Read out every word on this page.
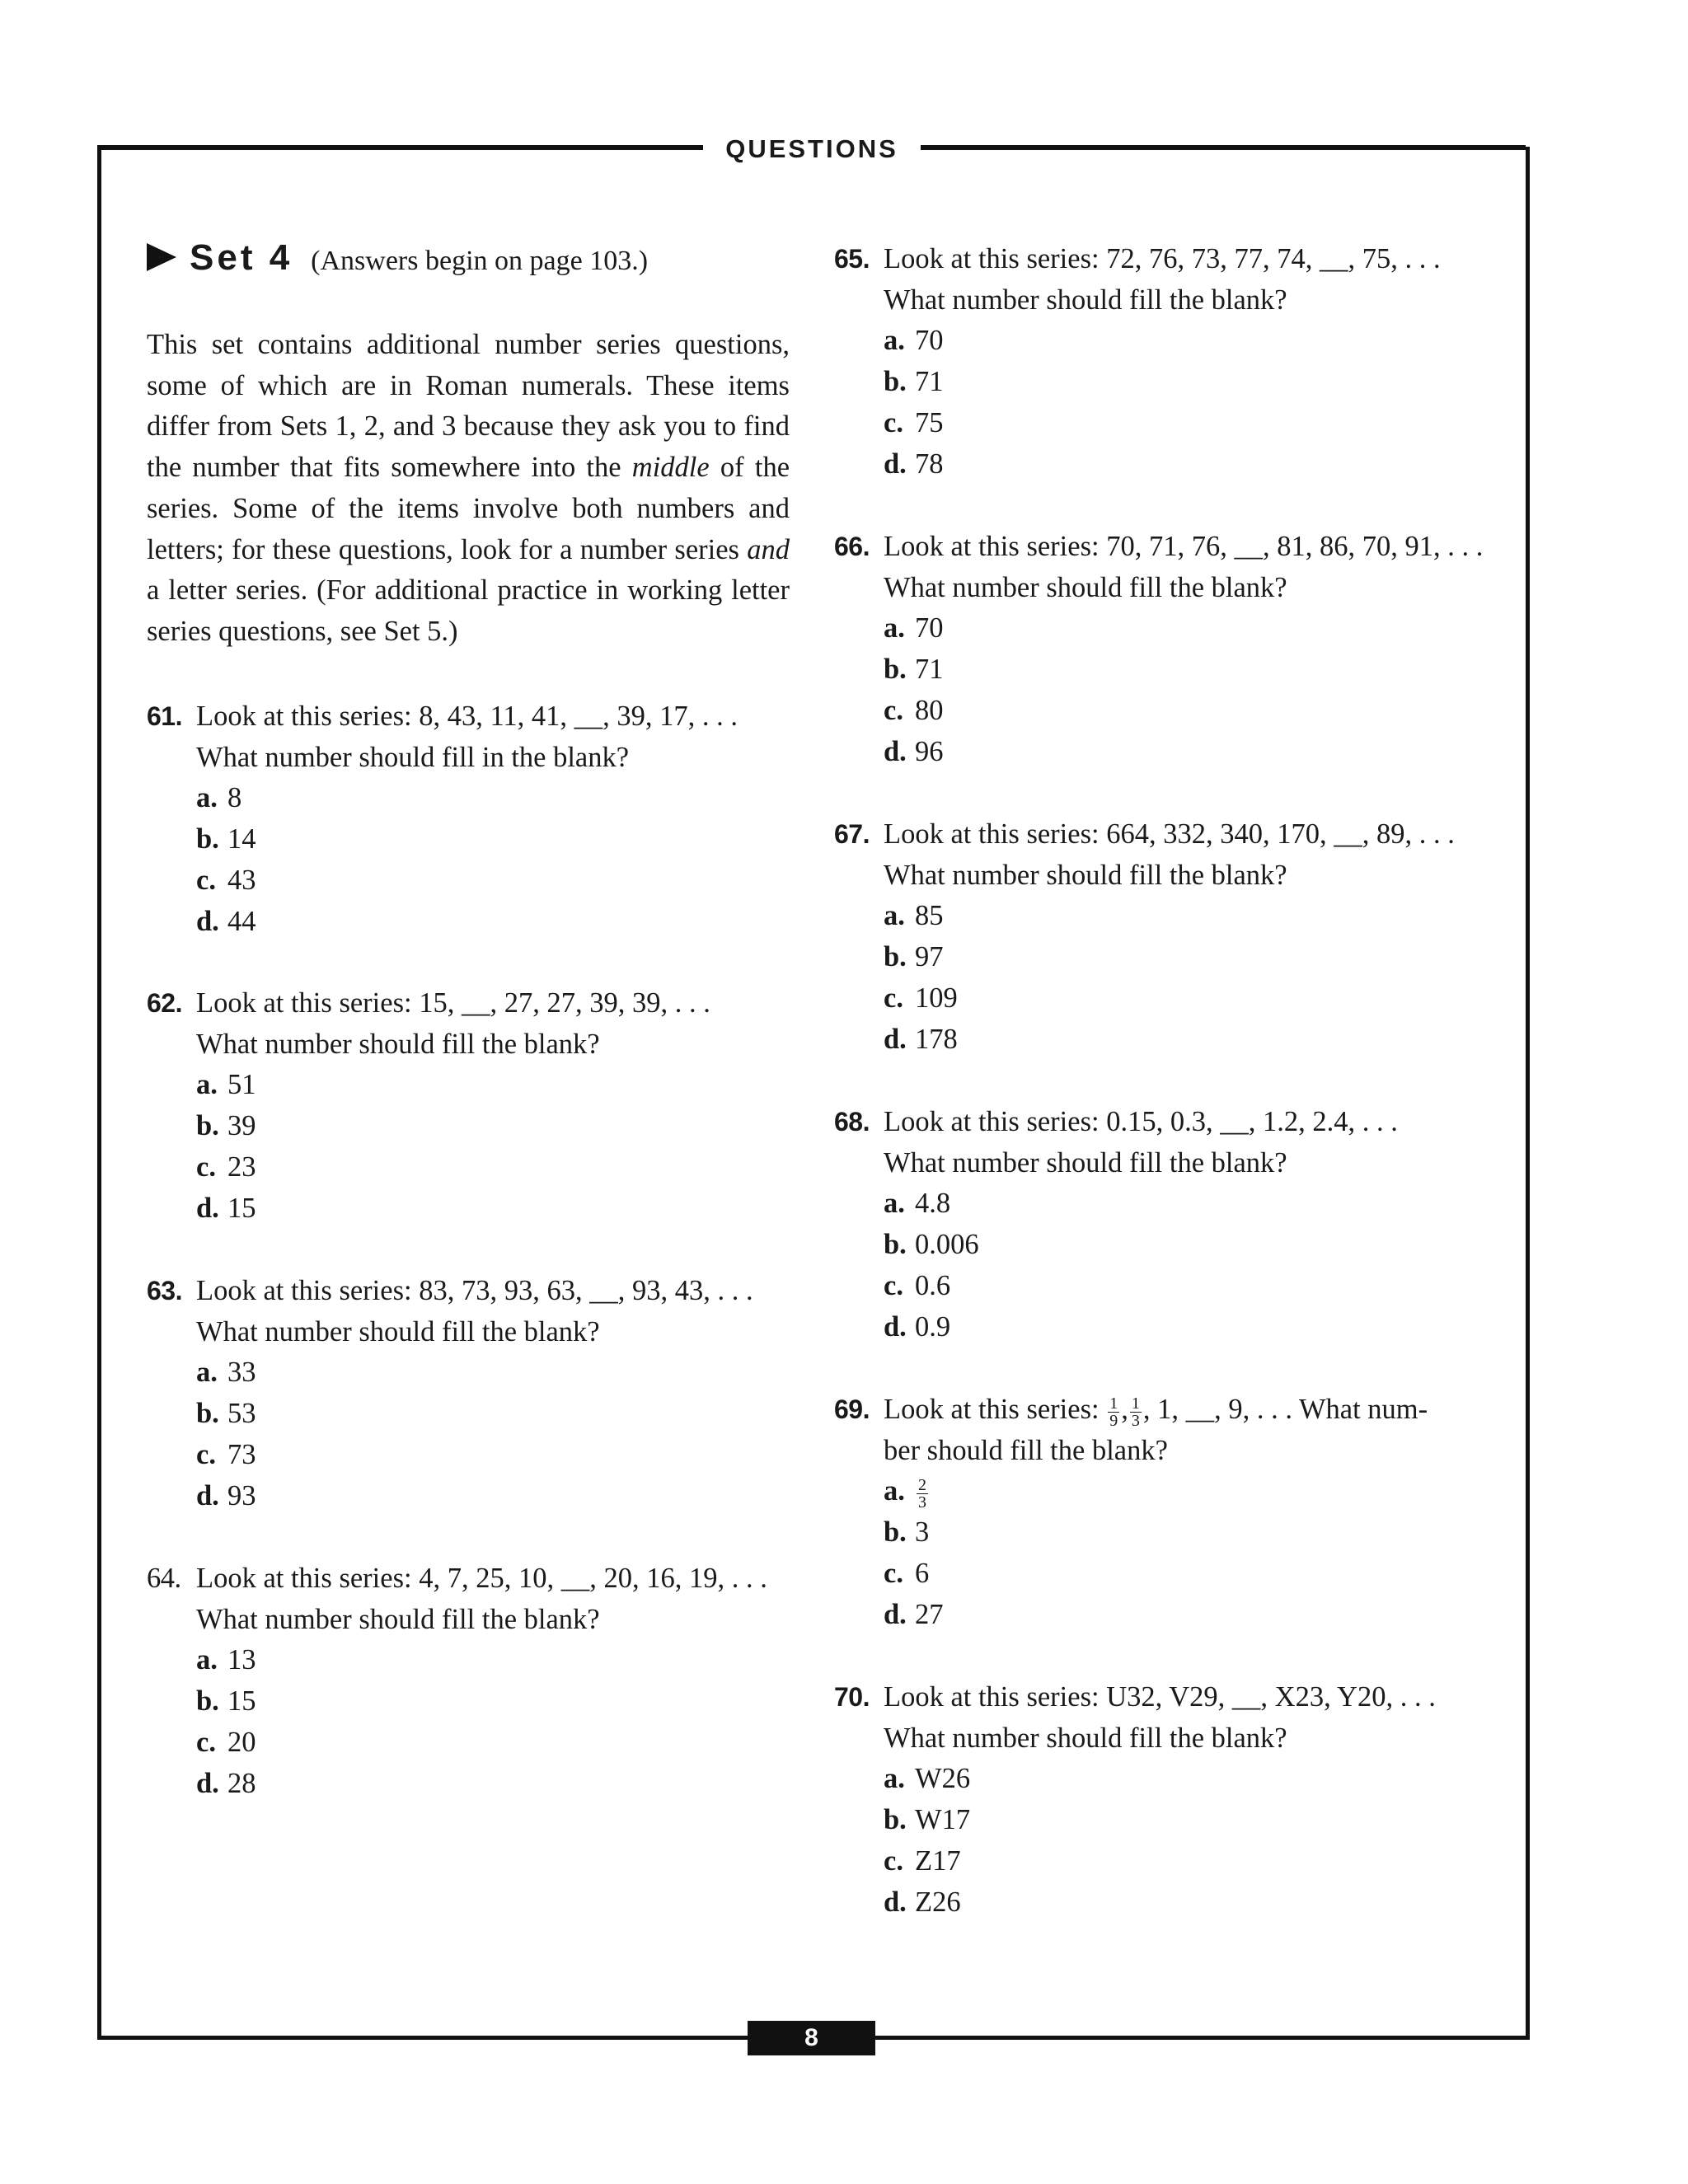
QUESTIONS
Set 4 (Answers begin on page 103.)
This set contains additional number series questions, some of which are in Roman numerals. These items differ from Sets 1, 2, and 3 because they ask you to find the number that fits somewhere into the middle of the series. Some of the items involve both numbers and letters; for these questions, look for a number series and a letter series. (For additional practice in working letter series questions, see Set 5.)
61. Look at this series: 8, 43, 11, 41, __, 39, 17, . . .
What number should fill in the blank?
a. 8
b. 14
c. 43
d. 44
62. Look at this series: 15, __, 27, 27, 39, 39, . . .
What number should fill the blank?
a. 51
b. 39
c. 23
d. 15
63. Look at this series: 83, 73, 93, 63, __, 93, 43, . . .
What number should fill the blank?
a. 33
b. 53
c. 73
d. 93
64. Look at this series: 4, 7, 25, 10, __, 20, 16, 19, . . .
What number should fill the blank?
a. 13
b. 15
c. 20
d. 28
65. Look at this series: 72, 76, 73, 77, 74, __, 75, . . .
What number should fill the blank?
a. 70
b. 71
c. 75
d. 78
66. Look at this series: 70, 71, 76, __, 81, 86, 70, 91, . . .
What number should fill the blank?
a. 70
b. 71
c. 80
d. 96
67. Look at this series: 664, 332, 340, 170, __, 89, . . .
What number should fill the blank?
a. 85
b. 97
c. 109
d. 178
68. Look at this series: 0.15, 0.3, __, 1.2, 2.4, . . .
What number should fill the blank?
a. 4.8
b. 0.006
c. 0.6
d. 0.9
69. Look at this series: $\frac{1}{9}$ , $\frac{1}{3}$ , 1, __, 9, . . . What num-
ber should fill the blank?
a. $\frac{2}{3}$
b. 3
c. 6
d. 27
70. Look at this series: U32, V29, __, X23, Y20, . . .
What number should fill the blank?
a. W26
b. W17
c. Z17
d. Z26
8
